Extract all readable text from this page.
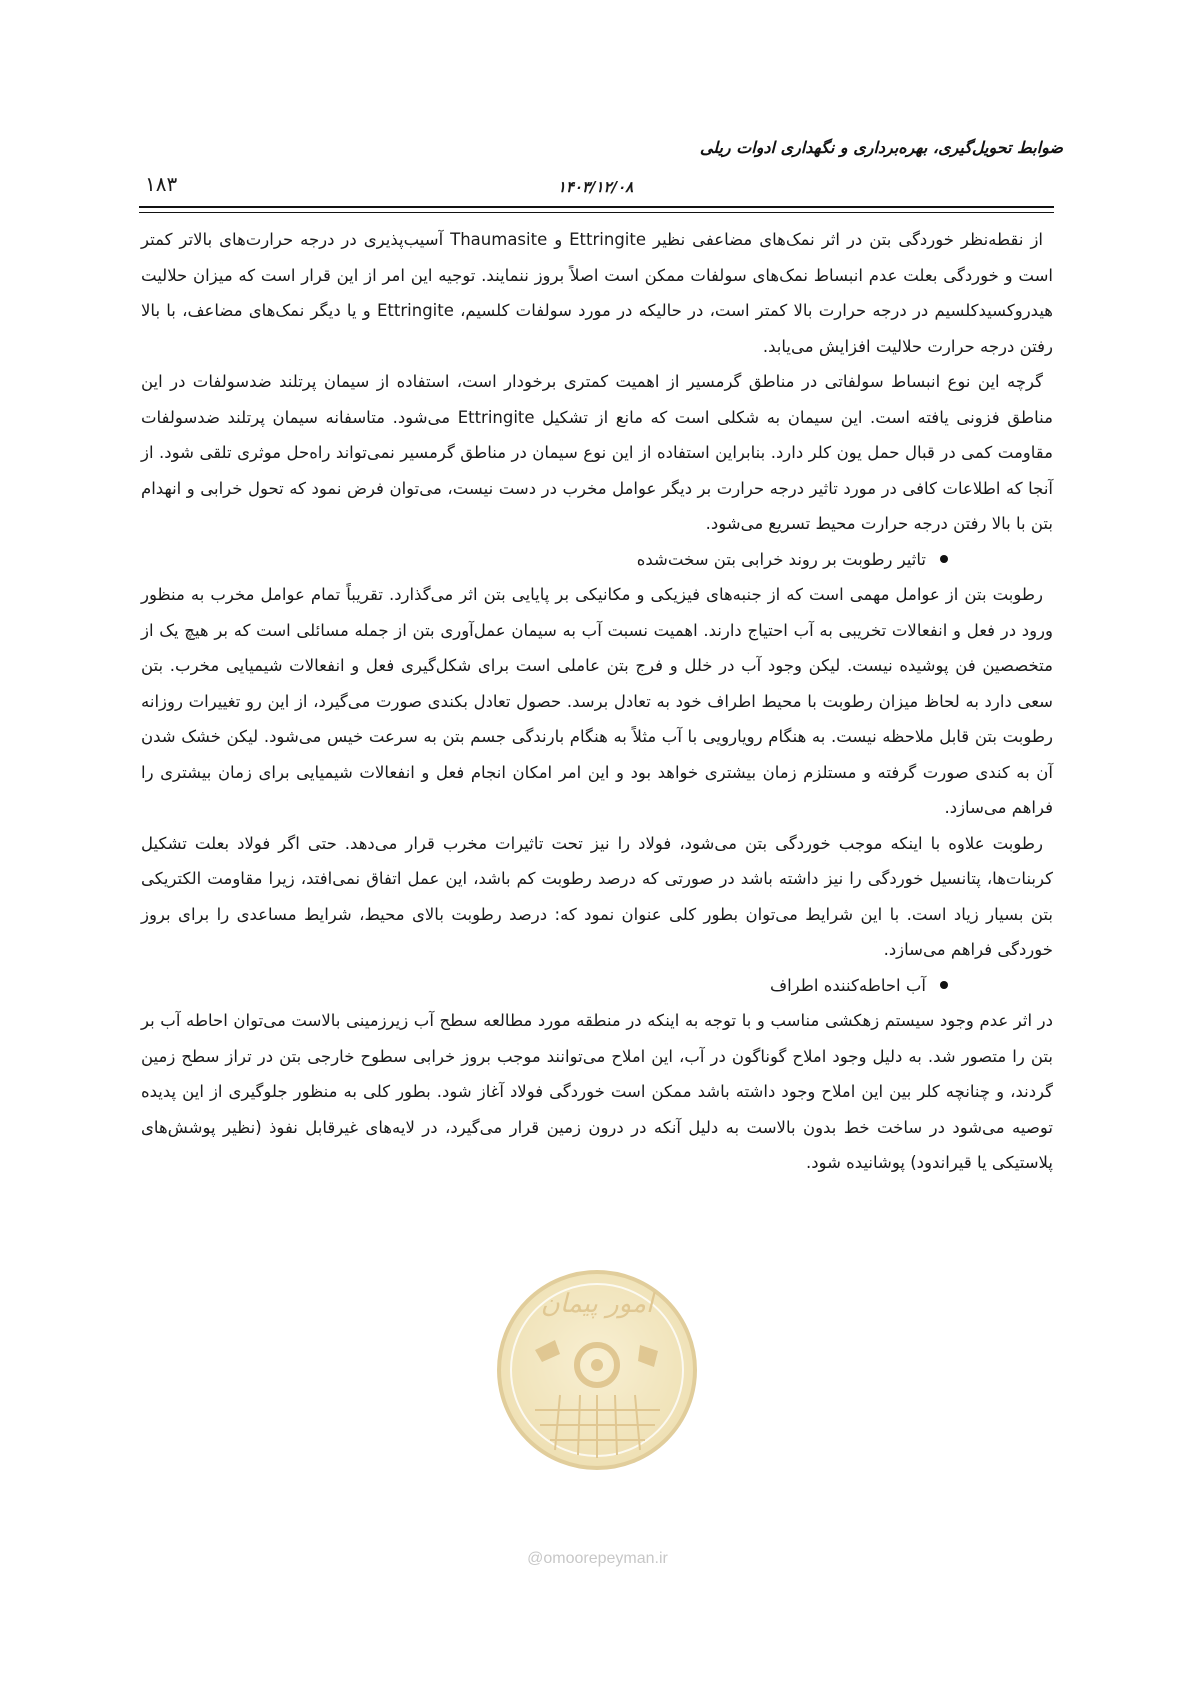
ضوابط تحویل‌گیری، بهره‌برداری و نگهداری ادوات ریلی
۱۴۰۳/۱۲/۰۸
۱۸۳

از نقطه‌نظر خوردگی بتن در اثر نمک‌های مضاعفی نظیر Ettringite و Thaumasite آسیب‌پذیری در درجه حرارت‌های بالاتر کمتر است و خوردگی بعلت عدم انبساط نمک‌های سولفات ممکن است اصلاً بروز ننمایند. توجیه این امر از این قرار است که میزان حلالیت هیدروکسیدکلسیم در درجه حرارت بالا کمتر است، در حالیکه در مورد سولفات کلسیم، Ettringite و یا دیگر نمک‌های مضاعف، با بالا رفتن درجه حرارت حلالیت افزایش می‌یابد.

گرچه این نوع انبساط سولفاتی در مناطق گرمسیر از اهمیت کمتری برخودار است، استفاده از سیمان پرتلند ضدسولفات در این مناطق فزونی یافته است. این سیمان به شکلی است که مانع از تشکیل Ettringite می‌شود. متاسفانه سیمان پرتلند ضدسولفات مقاومت کمی در قبال حمل یون کلر دارد. بنابراین استفاده از این نوع سیمان در مناطق گرمسیر نمی‌تواند راه‌حل موثری تلقی شود. از آنجا که اطلاعات کافی در مورد تاثیر درجه حرارت بر دیگر عوامل مخرب در دست نیست، می‌توان فرض نمود که تحول خرابی و انهدام بتن با بالا رفتن درجه حرارت محیط تسریع می‌شود.

تاثیر رطوبت بر روند خرابی بتن سخت‌شده

رطوبت بتن از عوامل مهمی است که از جنبه‌های فیزیکی و مکانیکی بر پایایی بتن اثر می‌گذارد. تقریباً تمام عوامل مخرب به منظور ورود در فعل و انفعالات تخریبی به آب احتیاج دارند. اهمیت نسبت آب به سیمان عمل‌آوری بتن از جمله مسائلی است که بر هیچ یک از متخصصین فن پوشیده نیست. لیکن وجود آب در خلل و فرج بتن عاملی است برای شکل‌گیری فعل و انفعالات شیمیایی مخرب. بتن سعی دارد به لحاظ میزان رطوبت با محیط اطراف خود به تعادل برسد. حصول تعادل بکندی صورت می‌گیرد، از این رو تغییرات روزانه رطوبت بتن قابل ملاحظه نیست. به هنگام رویارویی با آب مثلاً به هنگام بارندگی جسم بتن به سرعت خیس می‌شود. لیکن خشک شدن آن به کندی صورت گرفته و مستلزم زمان بیشتری خواهد بود و این امر امکان انجام فعل و انفعالات شیمیایی برای زمان بیشتری را فراهم می‌سازد.

رطوبت علاوه با اینکه موجب خوردگی بتن می‌شود، فولاد را نیز تحت تاثیرات مخرب قرار می‌دهد. حتی اگر فولاد بعلت تشکیل کربنات‌ها، پتانسیل خوردگی را نیز داشته باشد در صورتی که درصد رطوبت کم باشد، این عمل اتفاق نمی‌افتد، زیرا مقاومت الکتریکی بتن بسیار زیاد است. با این شرایط می‌توان بطور کلی عنوان نمود که: درصد رطوبت بالای محیط، شرایط مساعدی را برای بروز خوردگی فراهم می‌سازد.

آب احاطه‌کننده اطراف

در اثر عدم وجود سیستم زهکشی مناسب و با توجه به اینکه در منطقه مورد مطالعه سطح آب زیرزمینی بالاست می‌توان احاطه آب بر بتن را متصور شد. به دلیل وجود املاح گوناگون در آب، این املاح می‌توانند موجب بروز خرابی سطوح خارجی بتن در تراز سطح زمین گردند، و چنانچه کلر بین این املاح وجود داشته باشد ممکن است خوردگی فولاد آغاز شود. بطور کلی به منظور جلوگیری از این پدیده توصیه می‌شود در ساخت خط بدون بالاست به دلیل آنکه در درون زمین قرار می‌گیرد، در لایه‌های غیرقابل نفوذ (نظیر پوشش‌های پلاستیکی یا قیراندود) پوشانیده شود.

امور پیمان
@omoorepeyman.ir
